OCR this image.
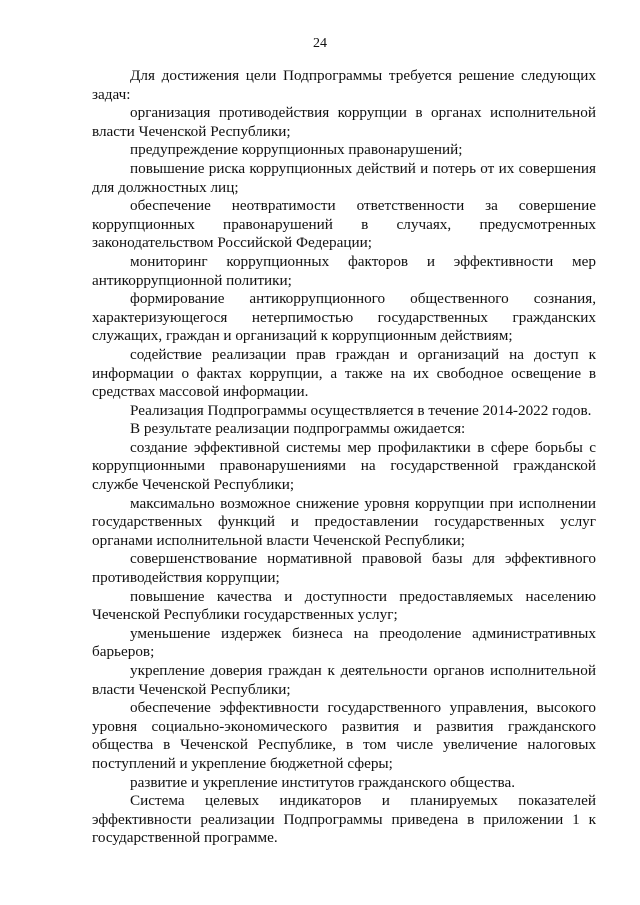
24

Для достижения цели Подпрограммы требуется решение следующих задач:

организация противодействия коррупции в органах исполнительной власти Чеченской Республики;

предупреждение коррупционных правонарушений;

повышение риска коррупционных действий и потерь от их совершения для должностных лиц;

обеспечение неотвратимости ответственности за совершение коррупционных правонарушений в случаях, предусмотренных законодательством Российской Федерации;

мониторинг коррупционных факторов и эффективности мер антикоррупционной политики;

формирование антикоррупционного общественного сознания, характеризующегося нетерпимостью государственных гражданских служащих, граждан и организаций к коррупционным действиям;

содействие реализации прав граждан и организаций на доступ к информации о фактах коррупции, а также на их свободное освещение в средствах массовой информации.

Реализация Подпрограммы осуществляется в течение 2014-2022 годов.

В результате реализации подпрограммы ожидается:

создание эффективной системы мер профилактики в сфере борьбы с коррупционными правонарушениями на государственной гражданской службе Чеченской Республики;

максимально возможное снижение уровня коррупции при исполнении государственных функций и предоставлении государственных услуг органами исполнительной власти Чеченской Республики;

совершенствование нормативной правовой базы для эффективного противодействия коррупции;

повышение качества и доступности предоставляемых населению Чеченской Республики государственных услуг;

уменьшение издержек бизнеса на преодоление административных барьеров;

укрепление доверия граждан к деятельности органов исполнительной власти Чеченской Республики;

обеспечение эффективности государственного управления, высокого уровня социально-экономического развития и развития гражданского общества в Чеченской Республике, в том числе увеличение налоговых поступлений и укрепление бюджетной сферы;

развитие и укрепление институтов гражданского общества.

Система целевых индикаторов и планируемых показателей эффективности реализации Подпрограммы приведена в приложении 1 к государственной программе.
